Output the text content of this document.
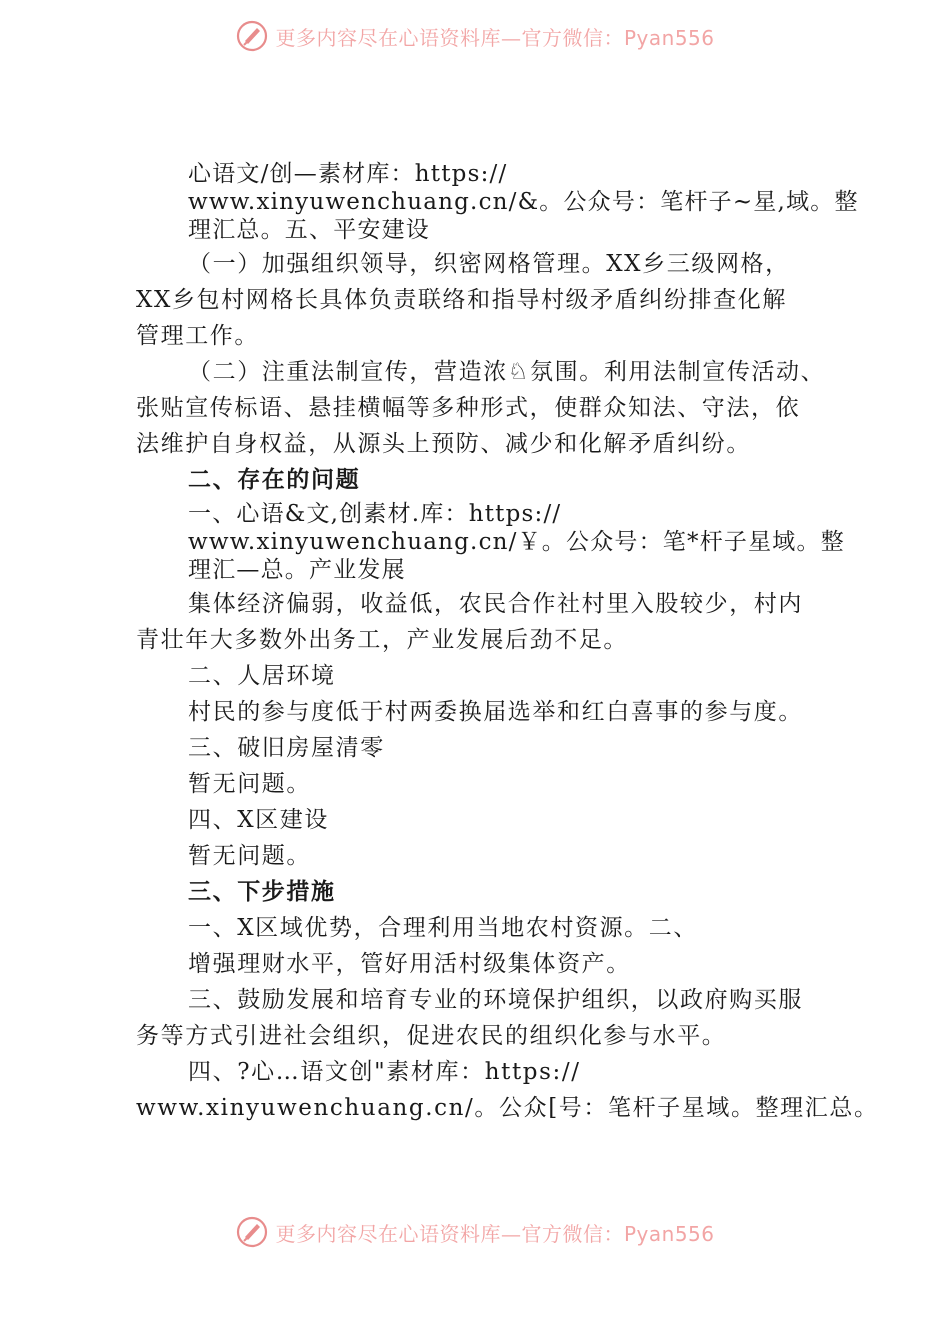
更多内容尽在心语资料库—官方微信：Pyan556
心语文/创—素材库：https://
www.xinyuwenchuang.cn/&。公众号：笔杆子~星,域。整
理汇总。五、平安建设
（一）加强组织领导，织密网格管理。XX乡三级网格，
XX乡包村网格长具体负责联络和指导村级矛盾纠纷排查化解
管理工作。
（二）注重法制宣传，营造浓♘氛围。利用法制宣传活动、
张贴宣传标语、悬挂横幅等多种形式，使群众知法、守法，依
法维护自身权益，从源头上预防、减少和化解矛盾纠纷。
二、存在的问题
一、心语&文,创素材.库：https://
www.xinyuwenchuang.cn/￥。公众号：笔*杆子星域。整
理汇—总。产业发展
集体经济偏弱，收益低，农民合作社村里入股较少，村内
青壮年大多数外出务工，产业发展后劲不足。
二、人居环境
村民的参与度低于村两委换届选举和红白喜事的参与度。
三、破旧房屋清零
暂无问题。
四、X区建设
暂无问题。
三、下步措施
一、X区域优势，合理利用当地农村资源。二、
增强理财水平，管好用活村级集体资产。
三、鼓励发展和培育专业的环境保护组织，以政府购买服
务等方式引进社会组织，促进农民的组织化参与水平。
四、?心…语文创"素材库：https://
www.xinyuwenchuang.cn/。公众[号：笔杆子星域。整理汇总。
更多内容尽在心语资料库—官方微信：Pyan556
